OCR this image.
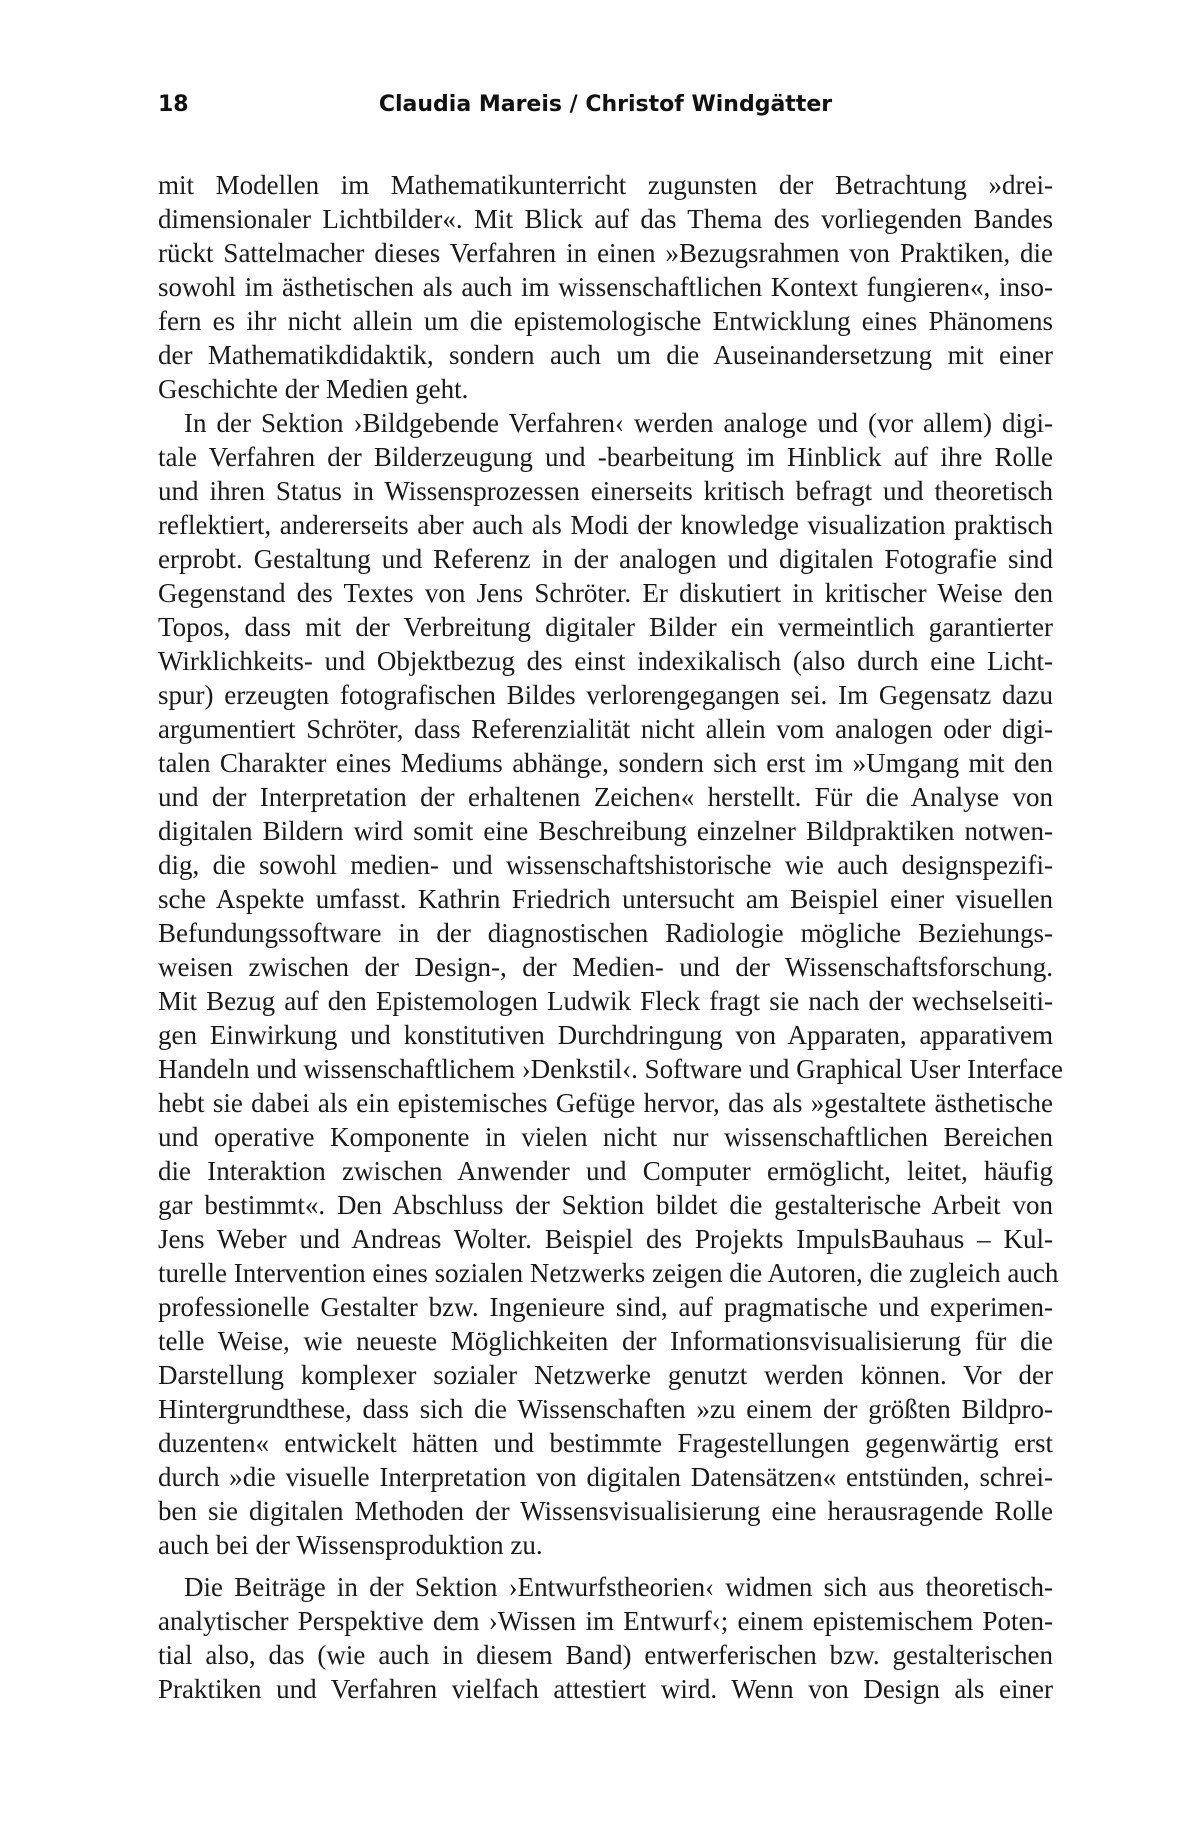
18	Claudia Mareis / Christof Windgätter
mit Modellen im Mathematikunterricht zugunsten der Betrachtung »drei-
dimensionaler Lichtbilder«. Mit Blick auf das Thema des vorliegenden Bandes
rückt Sattelmacher dieses Verfahren in einen »Bezugsrahmen von Praktiken, die
sowohl im ästhetischen als auch im wissenschaftlichen Kontext fungieren«, inso-
fern es ihr nicht allein um die epistemologische Entwicklung eines Phänomens
der Mathematikdidaktik, sondern auch um die Auseinandersetzung mit einer
Geschichte der Medien geht.
In der Sektion ›Bildgebende Verfahren‹ werden analoge und (vor allem) digi-
tale Verfahren der Bilderzeugung und -bearbeitung im Hinblick auf ihre Rolle
und ihren Status in Wissensprozessen einerseits kritisch befragt und theoretisch
reflektiert, andererseits aber auch als Modi der knowledge visualization praktisch
erprobt. Gestaltung und Referenz in der analogen und digitalen Fotografie sind
Gegenstand des Textes von Jens Schröter. Er diskutiert in kritischer Weise den
Topos, dass mit der Verbreitung digitaler Bilder ein vermeintlich garantierter
Wirklichkeits- und Objektbezug des einst indexikalisch (also durch eine Licht-
spur) erzeugten fotografischen Bildes verlorengegangen sei. Im Gegensatz dazu
argumentiert Schröter, dass Referenzialität nicht allein vom analogen oder digi-
talen Charakter eines Mediums abhänge, sondern sich erst im »Umgang mit den
und der Interpretation der erhaltenen Zeichen« herstellt. Für die Analyse von
digitalen Bildern wird somit eine Beschreibung einzelner Bildpraktiken notwen-
dig, die sowohl medien- und wissenschaftshistorische wie auch designspezifi-
sche Aspekte umfasst. Kathrin Friedrich untersucht am Beispiel einer visuellen
Befundungssoftware in der diagnostischen Radiologie mögliche Beziehungs-
weisen zwischen der Design-, der Medien- und der Wissenschaftsforschung.
Mit Bezug auf den Epistemologen Ludwik Fleck fragt sie nach der wechselseiti-
gen Einwirkung und konstitutiven Durchdringung von Apparaten, apparativem
Handeln und wissenschaftlichem ›Denkstil‹. Software und Graphical User Interface
hebt sie dabei als ein epistemisches Gefüge hervor, das als »gestaltete ästhetische
und operative Komponente in vielen nicht nur wissenschaftlichen Bereichen
die Interaktion zwischen Anwender und Computer ermöglicht, leitet, häufig
gar bestimmt«. Den Abschluss der Sektion bildet die gestalterische Arbeit von
Jens Weber und Andreas Wolter. Beispiel des Projekts ImpulsBauhaus – Kul-
turelle Intervention eines sozialen Netzwerks zeigen die Autoren, die zugleich auch
professionelle Gestalter bzw. Ingenieure sind, auf pragmatische und experimen-
telle Weise, wie neueste Möglichkeiten der Informationsvisualisierung für die
Darstellung komplexer sozialer Netzwerke genutzt werden können. Vor der
Hintergrundthese, dass sich die Wissenschaften »zu einem der größten Bildpro-
duzenten« entwickelt hätten und bestimmte Fragestellungen gegenwärtig erst
durch »die visuelle Interpretation von digitalen Datensätzen« entstünden, schrei-
ben sie digitalen Methoden der Wissensvisualisierung eine herausragende Rolle
auch bei der Wissensproduktion zu.
Die Beiträge in der Sektion ›Entwurfstheorien‹ widmen sich aus theoretisch-
analytischer Perspektive dem ›Wissen im Entwurf‹; einem epistemischem Poten-
tial also, das (wie auch in diesem Band) entwerferischen bzw. gestalterischen
Praktiken und Verfahren vielfach attestiert wird. Wenn von Design als einer
